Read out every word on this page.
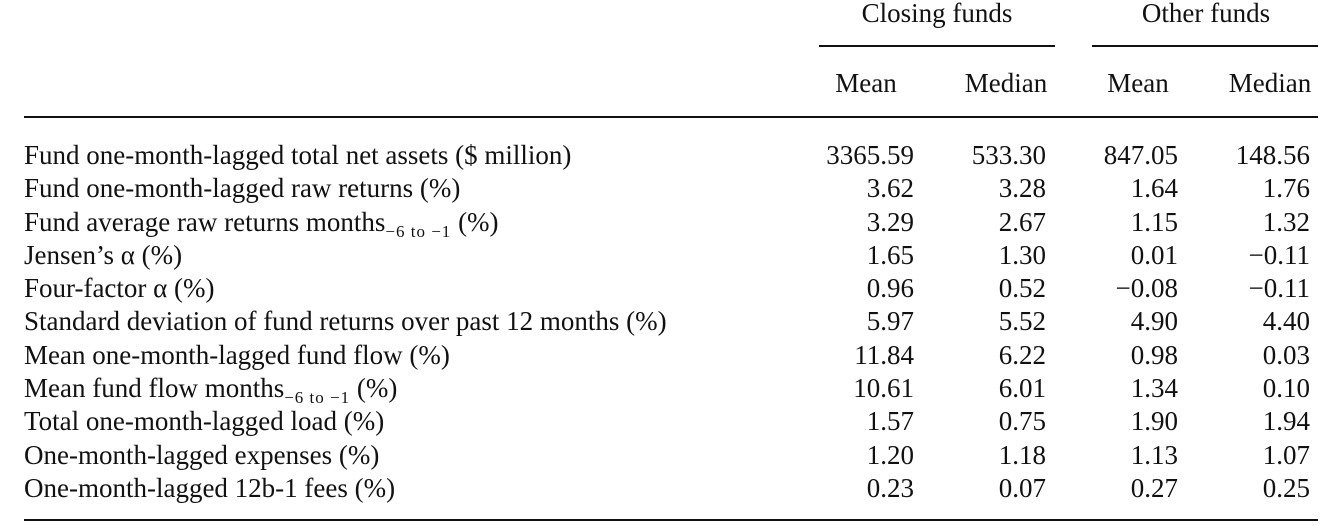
Closing funds	Other funds
Mean	Median	Mean	Median
Fund one-month-lagged total net assets ($ million)	3365.59	533.30	847.05	148.56
Fund one-month-lagged raw returns (%)	3.62	3.28	1.64	1.76
Fund average raw returns months$_{-6 to -1}$ (%)	3.29	2.67	1.15	1.32
Jensen’s α (%)	1.65	1.30	0.01	−0.11
Four-factor α (%)	0.96	0.52	−0.08	−0.11
Standard deviation of fund returns over past 12 months (%)	5.97	5.52	4.90	4.40
Mean one-month-lagged fund flow (%)	11.84	6.22	0.98	0.03
Mean fund flow months$_{-6 to -1}$ (%)	10.61	6.01	1.34	0.10
Total one-month-lagged load (%)	1.57	0.75	1.90	1.94
One-month-lagged expenses (%)	1.20	1.18	1.13	1.07
One-month-lagged 12b-1 fees (%)	0.23	0.07	0.27	0.25
